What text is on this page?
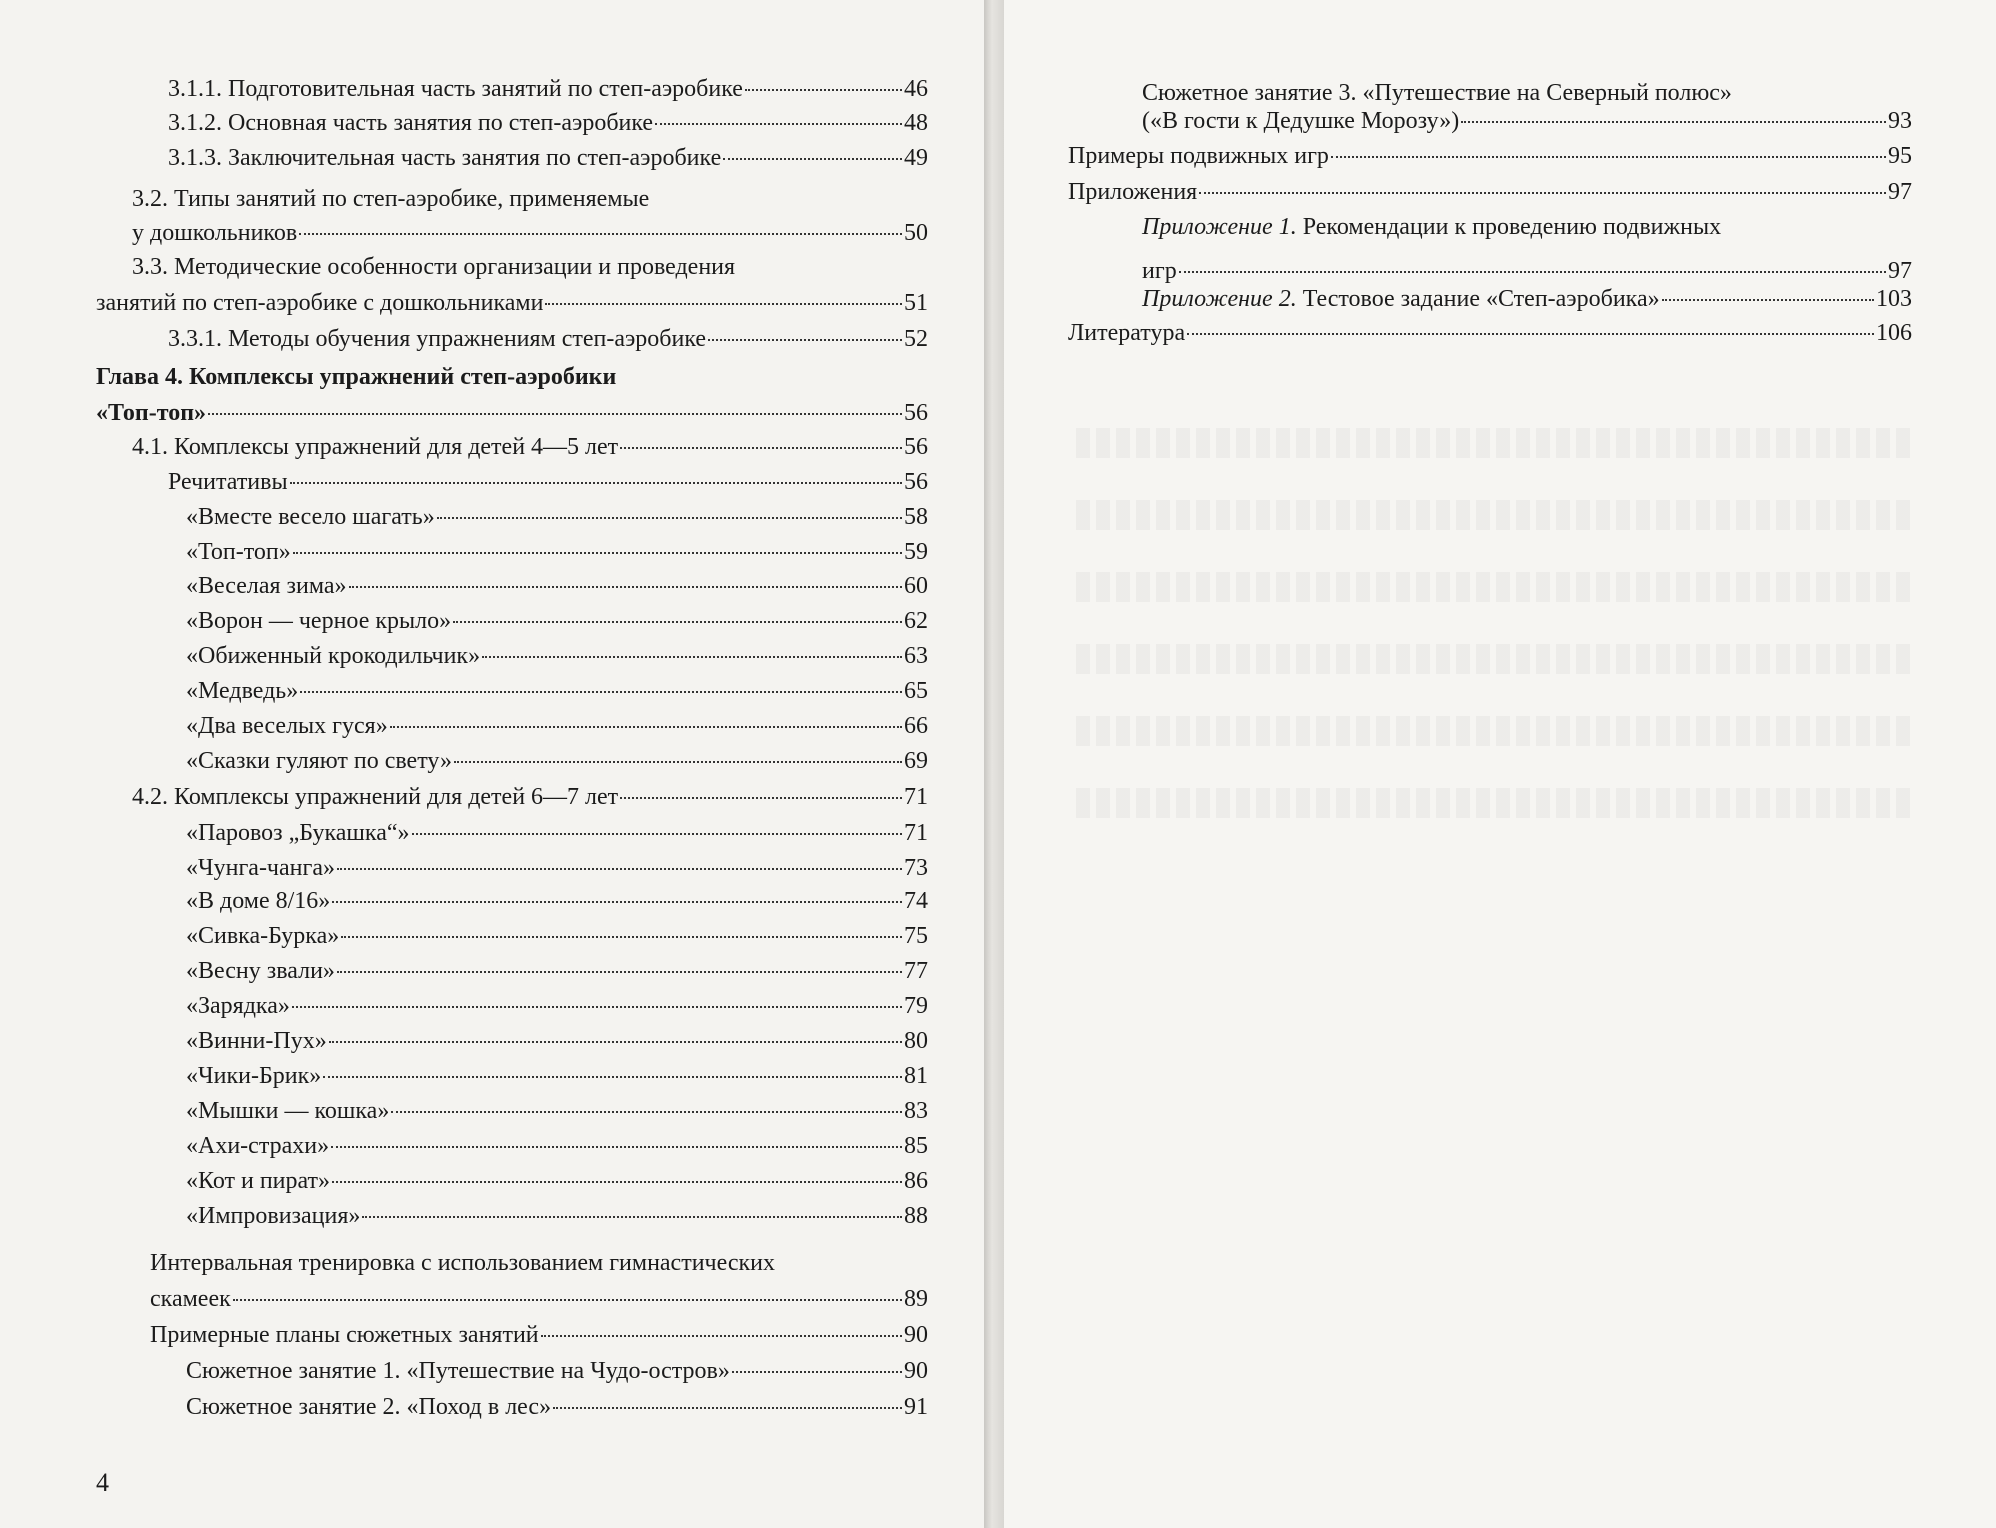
3.1.1. Подготовительная часть занятий по степ-аэробике	46
3.1.2. Основная часть занятия по степ-аэробике	48
3.1.3. Заключительная часть занятия по степ-аэробике	49
3.2. Типы занятий по степ-аэробике, применяемые
у дошкольников	50
3.3. Методические особенности организации и проведения
занятий по степ-аэробике с дошкольниками	51
3.3.1. Методы обучения упражнениям степ-аэробике	52
Глава 4. Комплексы упражнений степ-аэробики
«Топ-топ»	56
4.1. Комплексы упражнений для детей 4—5 лет	56
Речитативы	56
«Вместе весело шагать»	58
«Топ-топ»	59
«Веселая зима»	60
«Ворон — черное крыло»	62
«Обиженный крокодильчик»	63
«Медведь»	65
«Два веселых гуся»	66
«Сказки гуляют по свету»	69
4.2. Комплексы упражнений для детей 6—7 лет	71
«Паровоз „Букашка“»	71
«Чунга-чанга»	73
«В доме 8/16»	74
«Сивка-Бурка»	75
«Весну звали»	77
«Зарядка»	79
«Винни-Пух»	80
«Чики-Брик»	81
«Мышки — кошка»	83
«Ахи-страхи»	85
«Кот и пират»	86
«Импровизация»	88
Интервальная тренировка с использованием гимнастических
скамеек	89
Примерные планы сюжетных занятий	90
Сюжетное занятие 1. «Путешествие на Чудо-остров»	90
Сюжетное занятие 2. «Поход в лес»	91
4
Сюжетное занятие 3. «Путешествие на Северный полюс»
(«В гости к Дедушке Морозу»)	93
Примеры подвижных игр	95
Приложения	97
Приложение 1. Рекомендации к проведению подвижных
игр	97
Приложение 2. Тестовое задание «Степ-аэробика»	103
Литература	106
